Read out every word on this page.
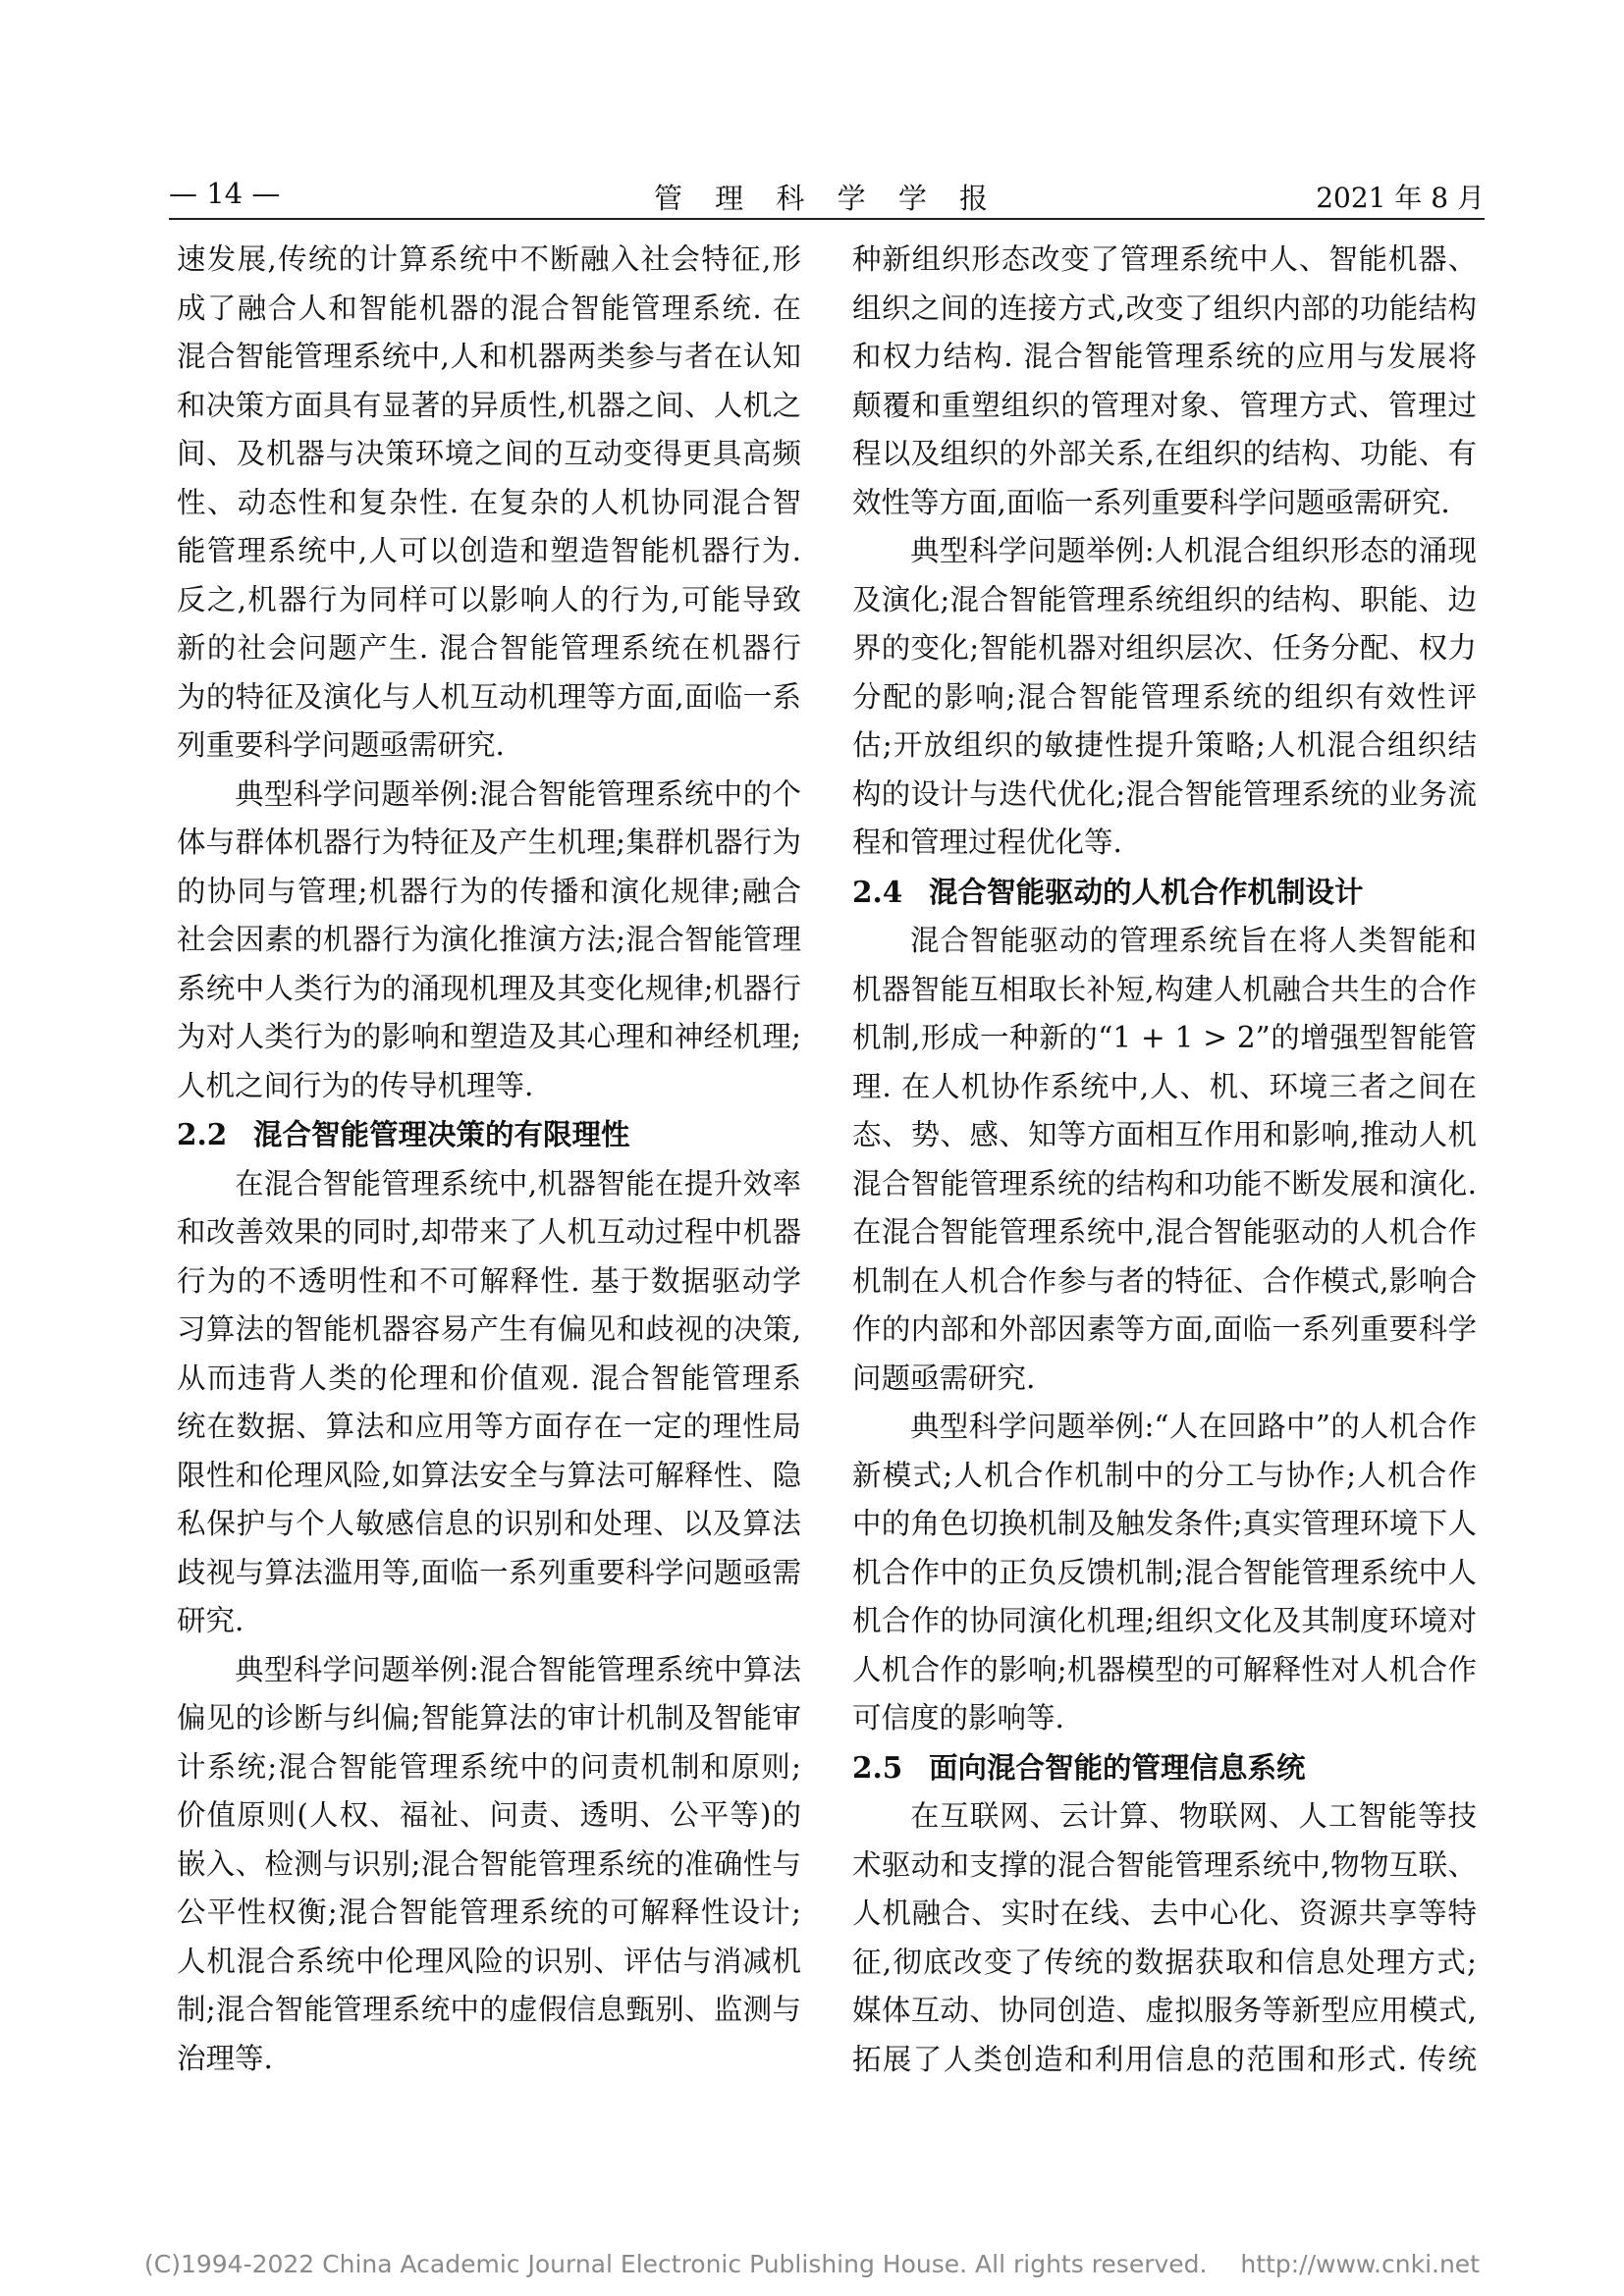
— 14 —	管 理 科 学 学 报	2021 年 8 月

速发展,传统的计算系统中不断融入社会特征,形成了融合人和智能机器的混合智能管理系统. 在混合智能管理系统中,人和机器两类参与者在认知和决策方面具有显著的异质性,机器之间、人机之间、及机器与决策环境之间的互动变得更具高频性、动态性和复杂性. 在复杂的人机协同混合智能管理系统中,人可以创造和塑造智能机器行为. 反之,机器行为同样可以影响人的行为,可能导致新的社会问题产生. 混合智能管理系统在机器行为的特征及演化与人机互动机理等方面,面临一系列重要科学问题亟需研究.

典型科学问题举例:混合智能管理系统中的个体与群体机器行为特征及产生机理;集群机器行为的协同与管理;机器行为的传播和演化规律;融合社会因素的机器行为演化推演方法;混合智能管理系统中人类行为的涌现机理及其变化规律;机器行为对人类行为的影响和塑造及其心理和神经机理;人机之间行为的传导机理等.

2.2 混合智能管理决策的有限理性

在混合智能管理系统中,机器智能在提升效率和改善效果的同时,却带来了人机互动过程中机器行为的不透明性和不可解释性. 基于数据驱动学习算法的智能机器容易产生有偏见和歧视的决策,从而违背人类的伦理和价值观. 混合智能管理系统在数据、算法和应用等方面存在一定的理性局限性和伦理风险,如算法安全与算法可解释性、隐私保护与个人敏感信息的识别和处理、以及算法歧视与算法滥用等,面临一系列重要科学问题亟需研究.

典型科学问题举例:混合智能管理系统中算法偏见的诊断与纠偏;智能算法的审计机制及智能审计系统;混合智能管理系统中的问责机制和原则;价值原则(人权、福祉、问责、透明、公平等)的嵌入、检测与识别;混合智能管理系统的准确性与公平性权衡;混合智能管理系统的可解释性设计;人机混合系统中伦理风险的识别、评估与消减机制;混合智能管理系统中的虚假信息甄别、监测与治理等.

种新组织形态改变了管理系统中人、智能机器、组织之间的连接方式,改变了组织内部的功能结构和权力结构. 混合智能管理系统的应用与发展将颠覆和重塑组织的管理对象、管理方式、管理过程以及组织的外部关系,在组织的结构、功能、有效性等方面,面临一系列重要科学问题亟需研究.

典型科学问题举例:人机混合组织形态的涌现及演化;混合智能管理系统组织的结构、职能、边界的变化;智能机器对组织层次、任务分配、权力分配的影响;混合智能管理系统的组织有效性评估;开放组织的敏捷性提升策略;人机混合组织结构的设计与迭代优化;混合智能管理系统的业务流程和管理过程优化等.

2.4 混合智能驱动的人机合作机制设计

混合智能驱动的管理系统旨在将人类智能和机器智能互相取长补短,构建人机融合共生的合作机制,形成一种新的“1 + 1 > 2”的增强型智能管理. 在人机协作系统中,人、机、环境三者之间在态、势、感、知等方面相互作用和影响,推动人机混合智能管理系统的结构和功能不断发展和演化. 在混合智能管理系统中,混合智能驱动的人机合作机制在人机合作参与者的特征、合作模式,影响合作的内部和外部因素等方面,面临一系列重要科学问题亟需研究.

典型科学问题举例:“人在回路中”的人机合作新模式;人机合作机制中的分工与协作;人机合作中的角色切换机制及触发条件;真实管理环境下人机合作中的正负反馈机制;混合智能管理系统中人机合作的协同演化机理;组织文化及其制度环境对人机合作的影响;机器模型的可解释性对人机合作可信度的影响等.

2.5 面向混合智能的管理信息系统

在互联网、云计算、物联网、人工智能等技术驱动和支撑的混合智能管理系统中,物物互联、人机融合、实时在线、去中心化、资源共享等特征,彻底改变了传统的数据获取和信息处理方式;媒体互动、协同创造、虚拟服务等新型应用模式,拓展了人类创造和利用信息的范围和形式. 传统

(C)1994-2022 China Academic Journal Electronic Publishing House. All rights reserved. http://www.cnki.net
